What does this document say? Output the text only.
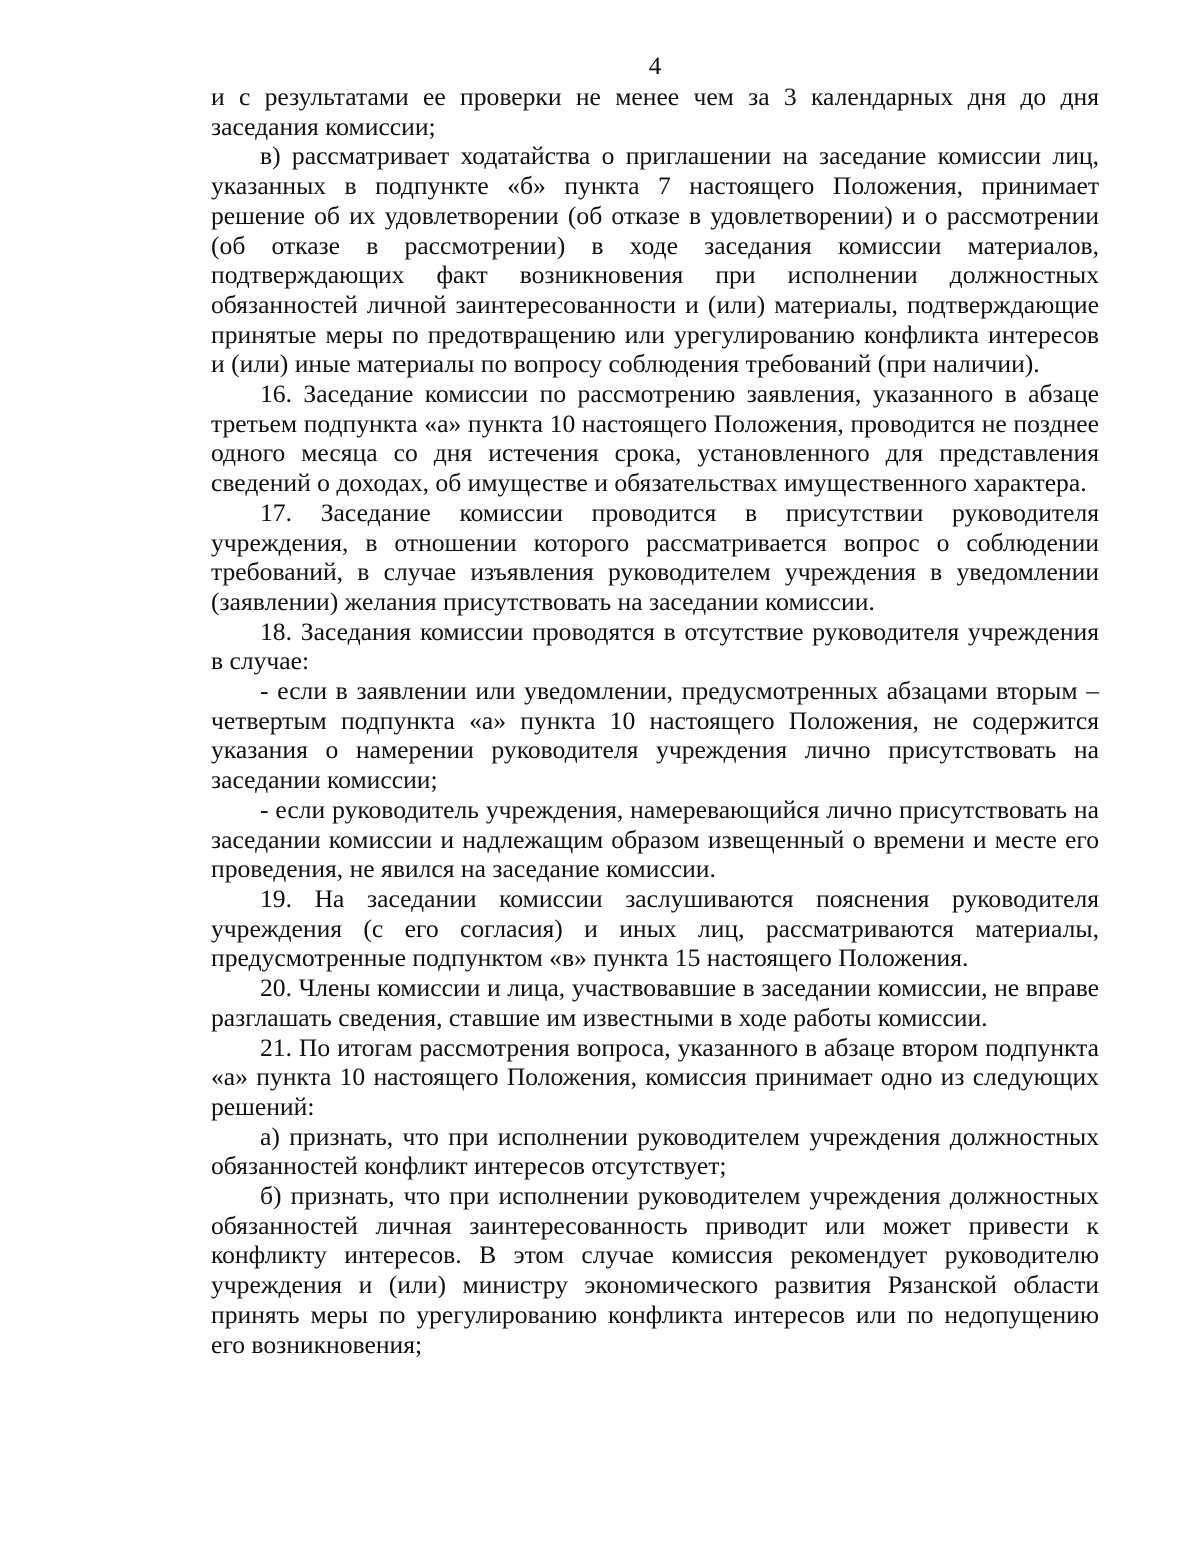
4

и с результатами ее проверки не менее чем за 3 календарных дня до дня заседания комиссии;

в) рассматривает ходатайства о приглашении на заседание комиссии лиц, указанных в подпункте «б» пункта 7 настоящего Положения, принимает решение об их удовлетворении (об отказе в удовлетворении) и о рассмотрении (об отказе в рассмотрении) в ходе заседания комиссии материалов, подтверждающих факт возникновения при исполнении должностных обязанностей личной заинтересованности и (или) материалы, подтверждающие принятые меры по предотвращению или урегулированию конфликта интересов и (или) иные материалы по вопросу соблюдения требований (при наличии).

16. Заседание комиссии по рассмотрению заявления, указанного в абзаце третьем подпункта «а» пункта 10 настоящего Положения, проводится не позднее одного месяца со дня истечения срока, установленного для представления сведений о доходах, об имуществе и обязательствах имущественного характера.

17. Заседание комиссии проводится в присутствии руководителя учреждения, в отношении которого рассматривается вопрос о соблюдении требований, в случае изъявления руководителем учреждения в уведомлении (заявлении) желания присутствовать на заседании комиссии.

18. Заседания комиссии проводятся в отсутствие руководителя учреждения в случае:

- если в заявлении или уведомлении, предусмотренных абзацами вторым – четвертым подпункта «а» пункта 10 настоящего Положения, не содержится указания о намерении руководителя учреждения лично присутствовать на заседании комиссии;

- если руководитель учреждения, намеревающийся лично присутствовать на заседании комиссии и надлежащим образом извещенный о времени и месте его проведения, не явился на заседание комиссии.

19. На заседании комиссии заслушиваются пояснения руководителя учреждения (с его согласия) и иных лиц, рассматриваются материалы, предусмотренные подпунктом «в» пункта 15 настоящего Положения.

20. Члены комиссии и лица, участвовавшие в заседании комиссии, не вправе разглашать сведения, ставшие им известными в ходе работы комиссии.

21. По итогам рассмотрения вопроса, указанного в абзаце втором подпункта «а» пункта 10 настоящего Положения, комиссия принимает одно из следующих решений:

а) признать, что при исполнении руководителем учреждения должностных обязанностей конфликт интересов отсутствует;

б) признать, что при исполнении руководителем учреждения должностных обязанностей личная заинтересованность приводит или может привести к конфликту интересов. В этом случае комиссия рекомендует руководителю учреждения и (или) министру экономического развития Рязанской области принять меры по урегулированию конфликта интересов или по недопущению его возникновения;
